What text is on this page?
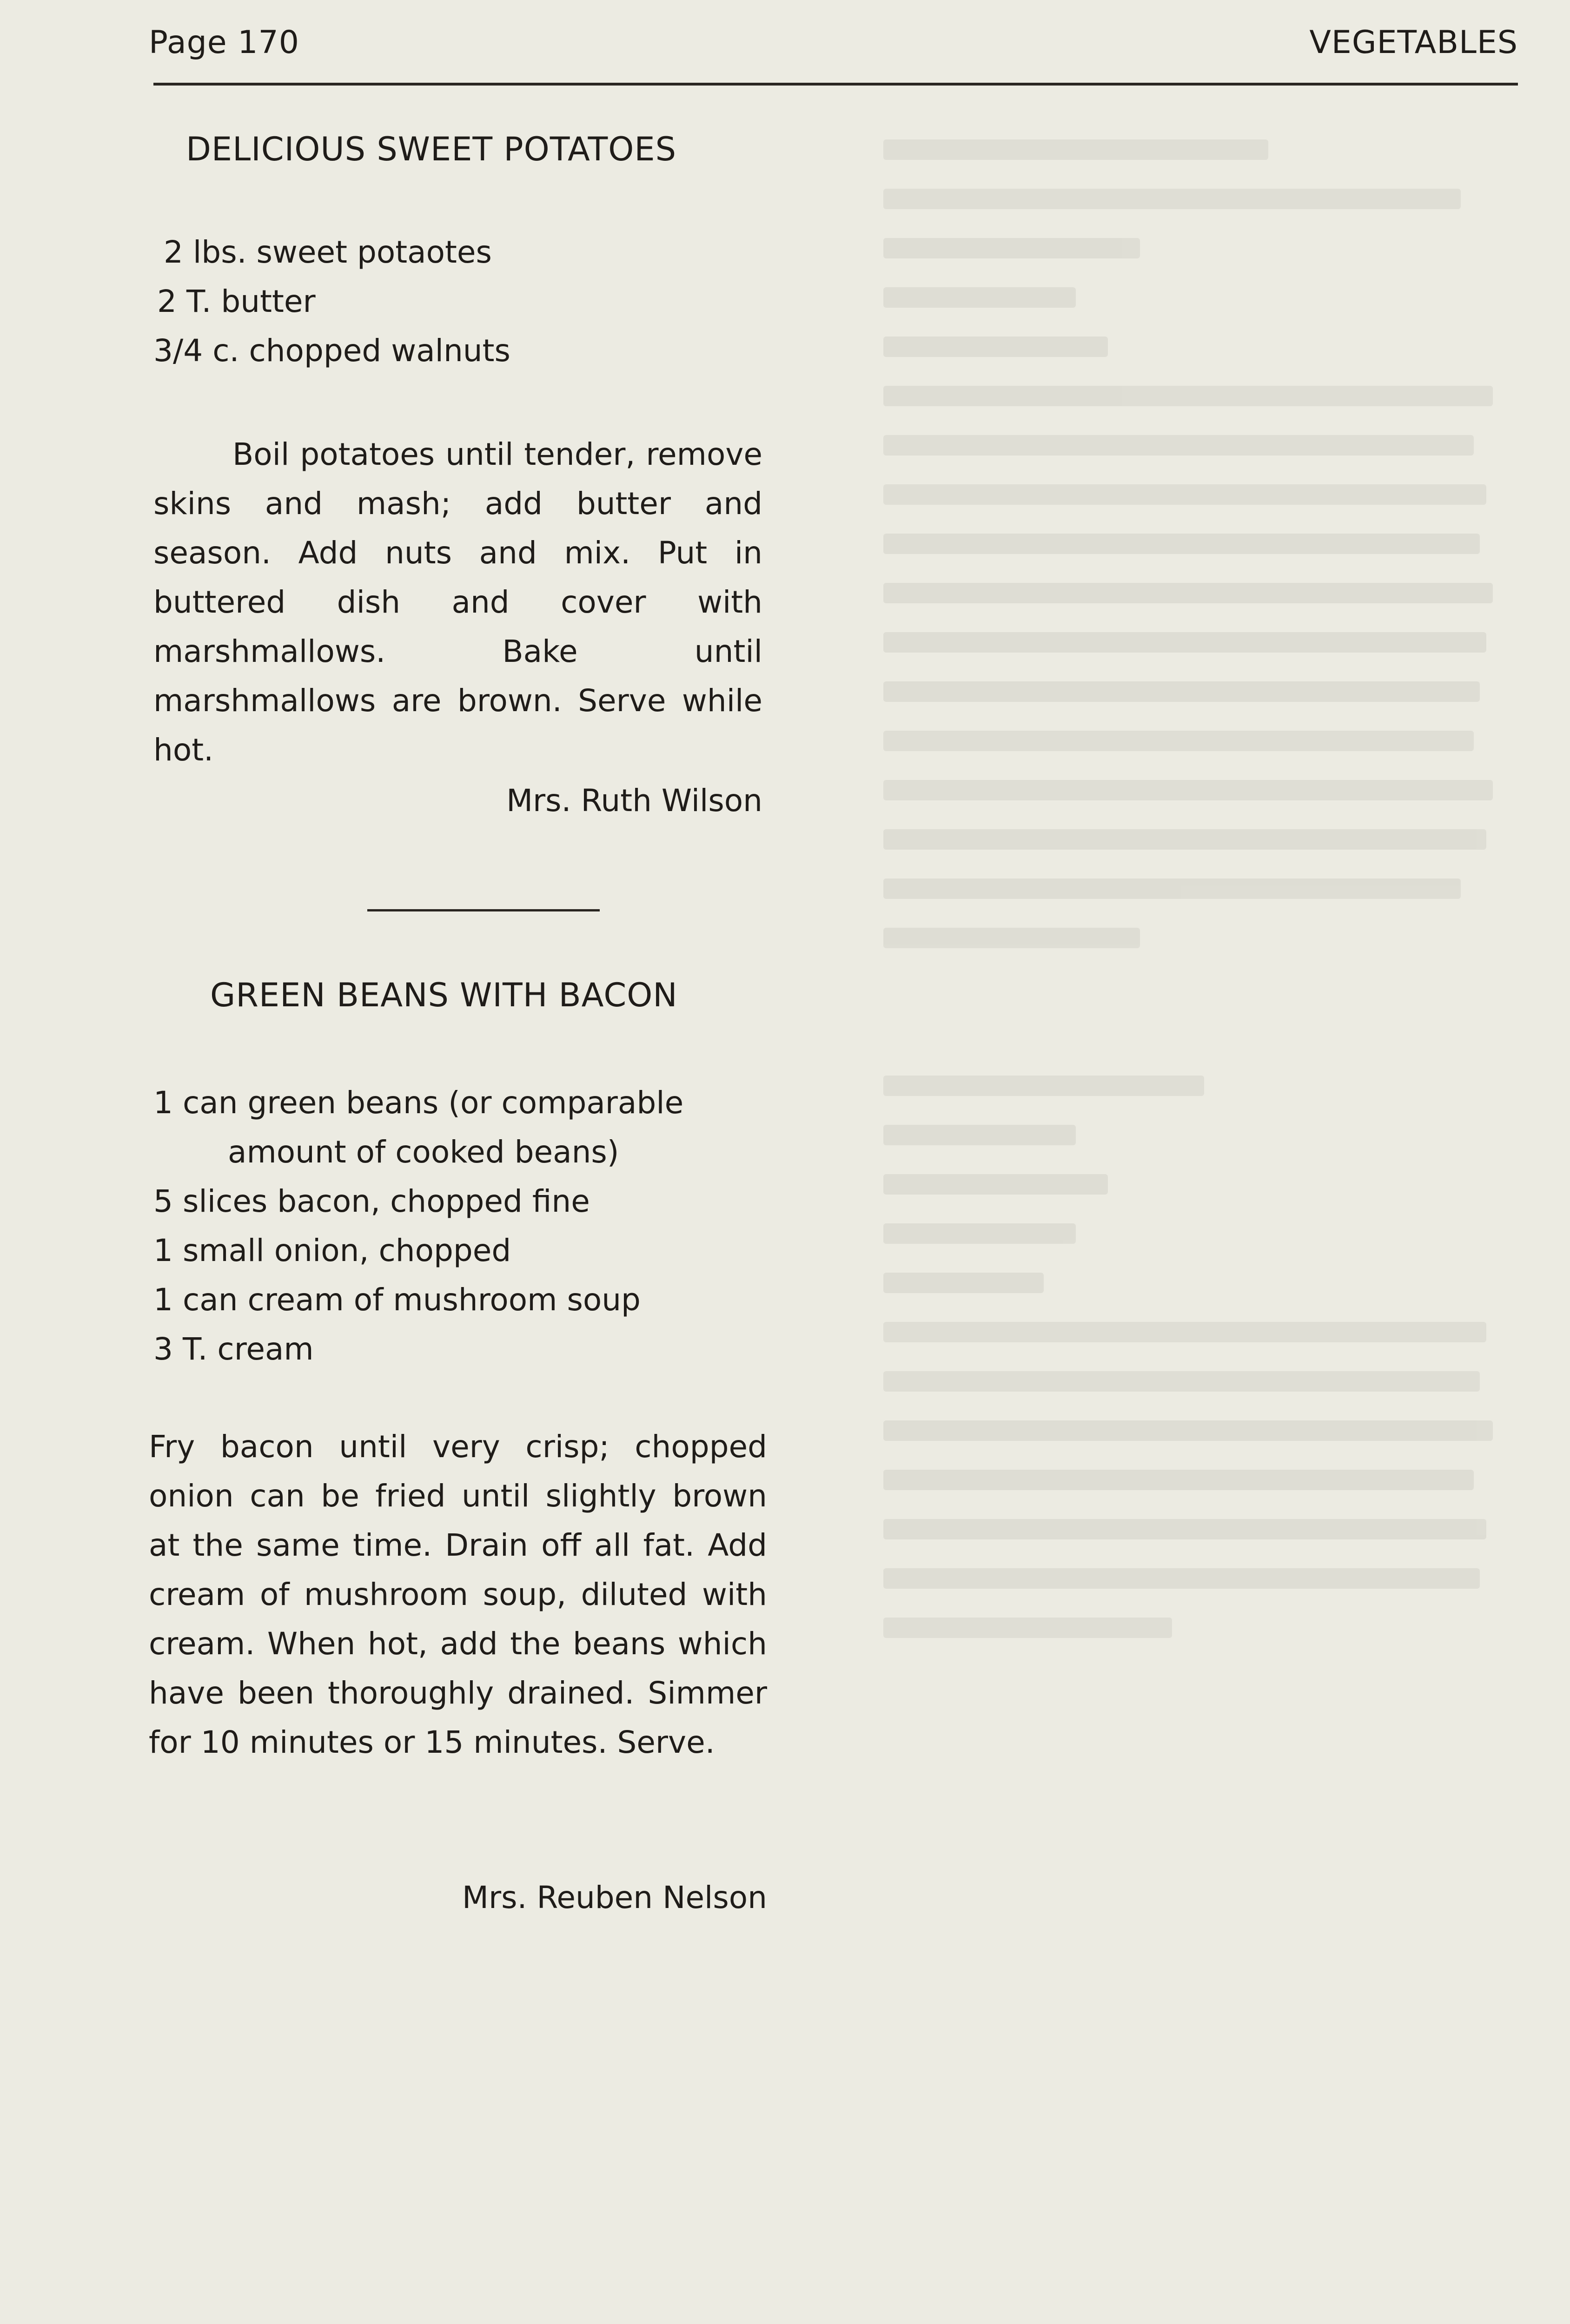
Page 170	VEGETABLES
DELICIOUS SWEET POTATOES
2 lbs. sweet potaotes
2 T. butter
3/4 c. chopped walnuts
Boil potatoes until tender, remove skins and mash; add butter and season. Add nuts and mix. Put in buttered dish and cover with marshmallows. Bake until marshmallows are brown. Serve while hot.
Mrs. Ruth Wilson
GREEN BEANS WITH BACON
1 can green beans (or comparable
amount of cooked beans)
5 slices bacon, chopped fine
1 small onion, chopped
1 can cream of mushroom soup
3 T. cream
Fry bacon until very crisp; chopped onion can be fried until slightly brown at the same time. Drain off all fat. Add cream of mushroom soup, diluted with cream. When hot, add the beans which have been thoroughly drained. Simmer for 10 minutes or 15 minutes. Serve.
Mrs. Reuben Nelson
